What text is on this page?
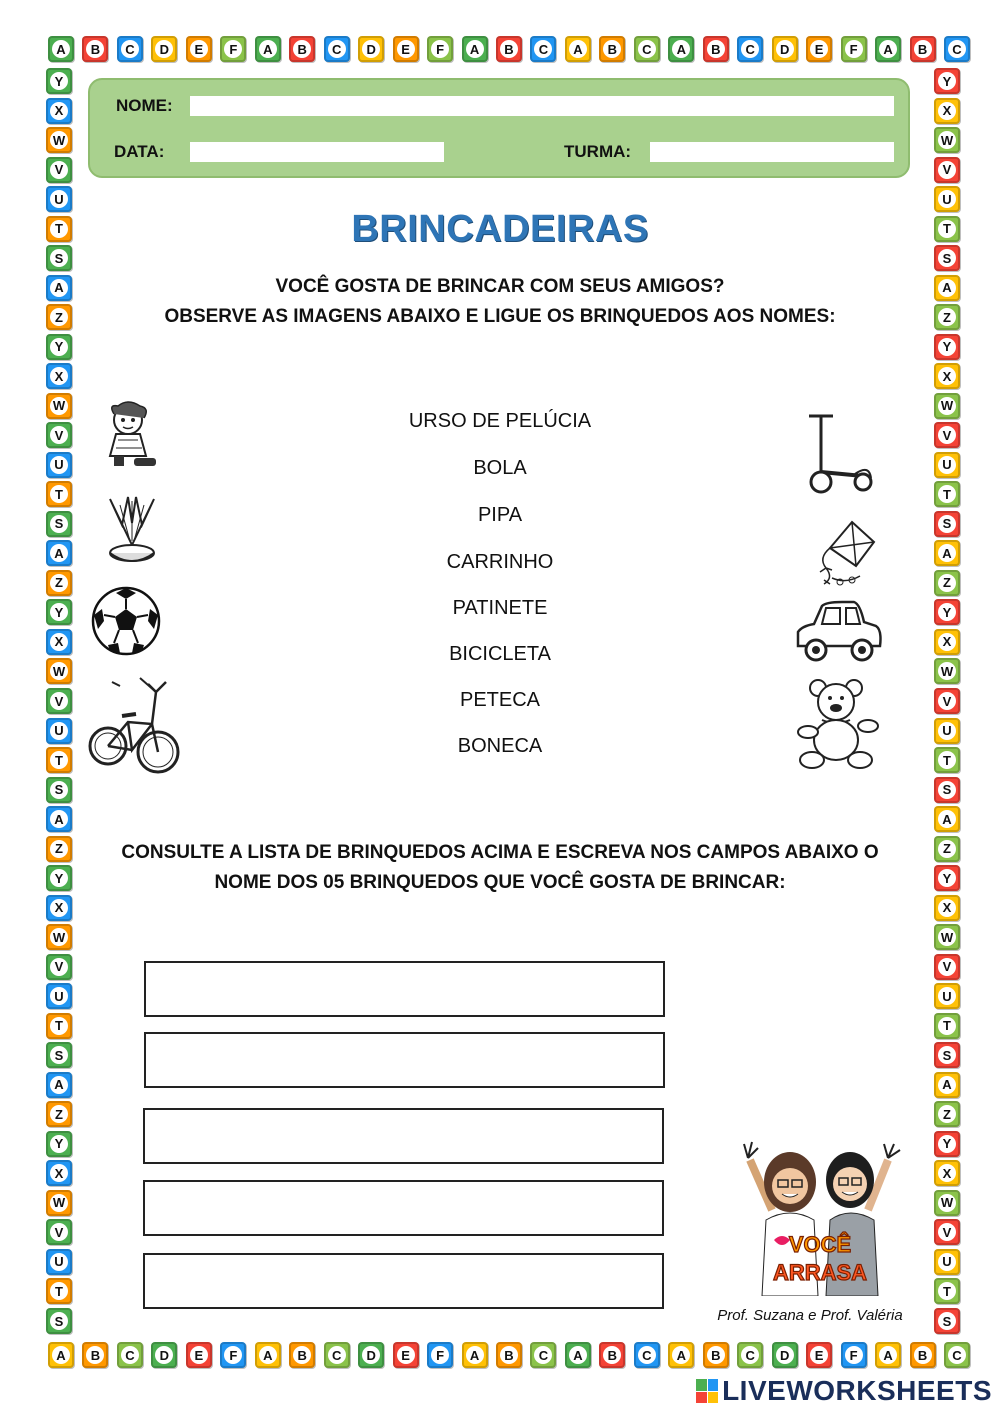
A	B	C	D	E	F	A	B	C	D	E	F	A	B	C	A	B	C	A	B	C	D	E	F	A	B	C
A	B	C	D	E	F	A	B	C	D	E	F	A	B	C	A	B	C	A	B	C	D	E	F	A	B	C
Y	Y
X	X
W	W
V	V
U	U
T	T
S	S
A	A
Z	Z
Y	Y
X	X
W	W
V	V
U	U
T	T
S	S
A	A
Z	Z
Y	Y
X	X
W	W
V	V
U	U
T	T
S	S
A	A
Z	Z
Y	Y
X	X
W	W
V	V
U	U
T	T
S	S
A	A
Z	Z
Y	Y
X	X
W	W
V	V
U	U
T	T
S	S
NOME:
DATA:	TURMA:
BRINCADEIRAS
VOCÊ GOSTA DE BRINCAR COM SEUS AMIGOS?
OBSERVE AS IMAGENS ABAIXO E LIGUE OS BRINQUEDOS AOS NOMES:
URSO DE PELÚCIA
BOLA
PIPA
CARRINHO
PATINETE
BICICLETA
PETECA
BONECA
CONSULTE A LISTA DE BRINQUEDOS ACIMA E ESCREVA NOS CAMPOS ABAIXO O
NOME DOS 05 BRINQUEDOS QUE VOCÊ GOSTA DE BRINCAR:
VOCÊ
ARRASA
Prof. Suzana e Prof. Valéria
LIVEWORKSHEETS
